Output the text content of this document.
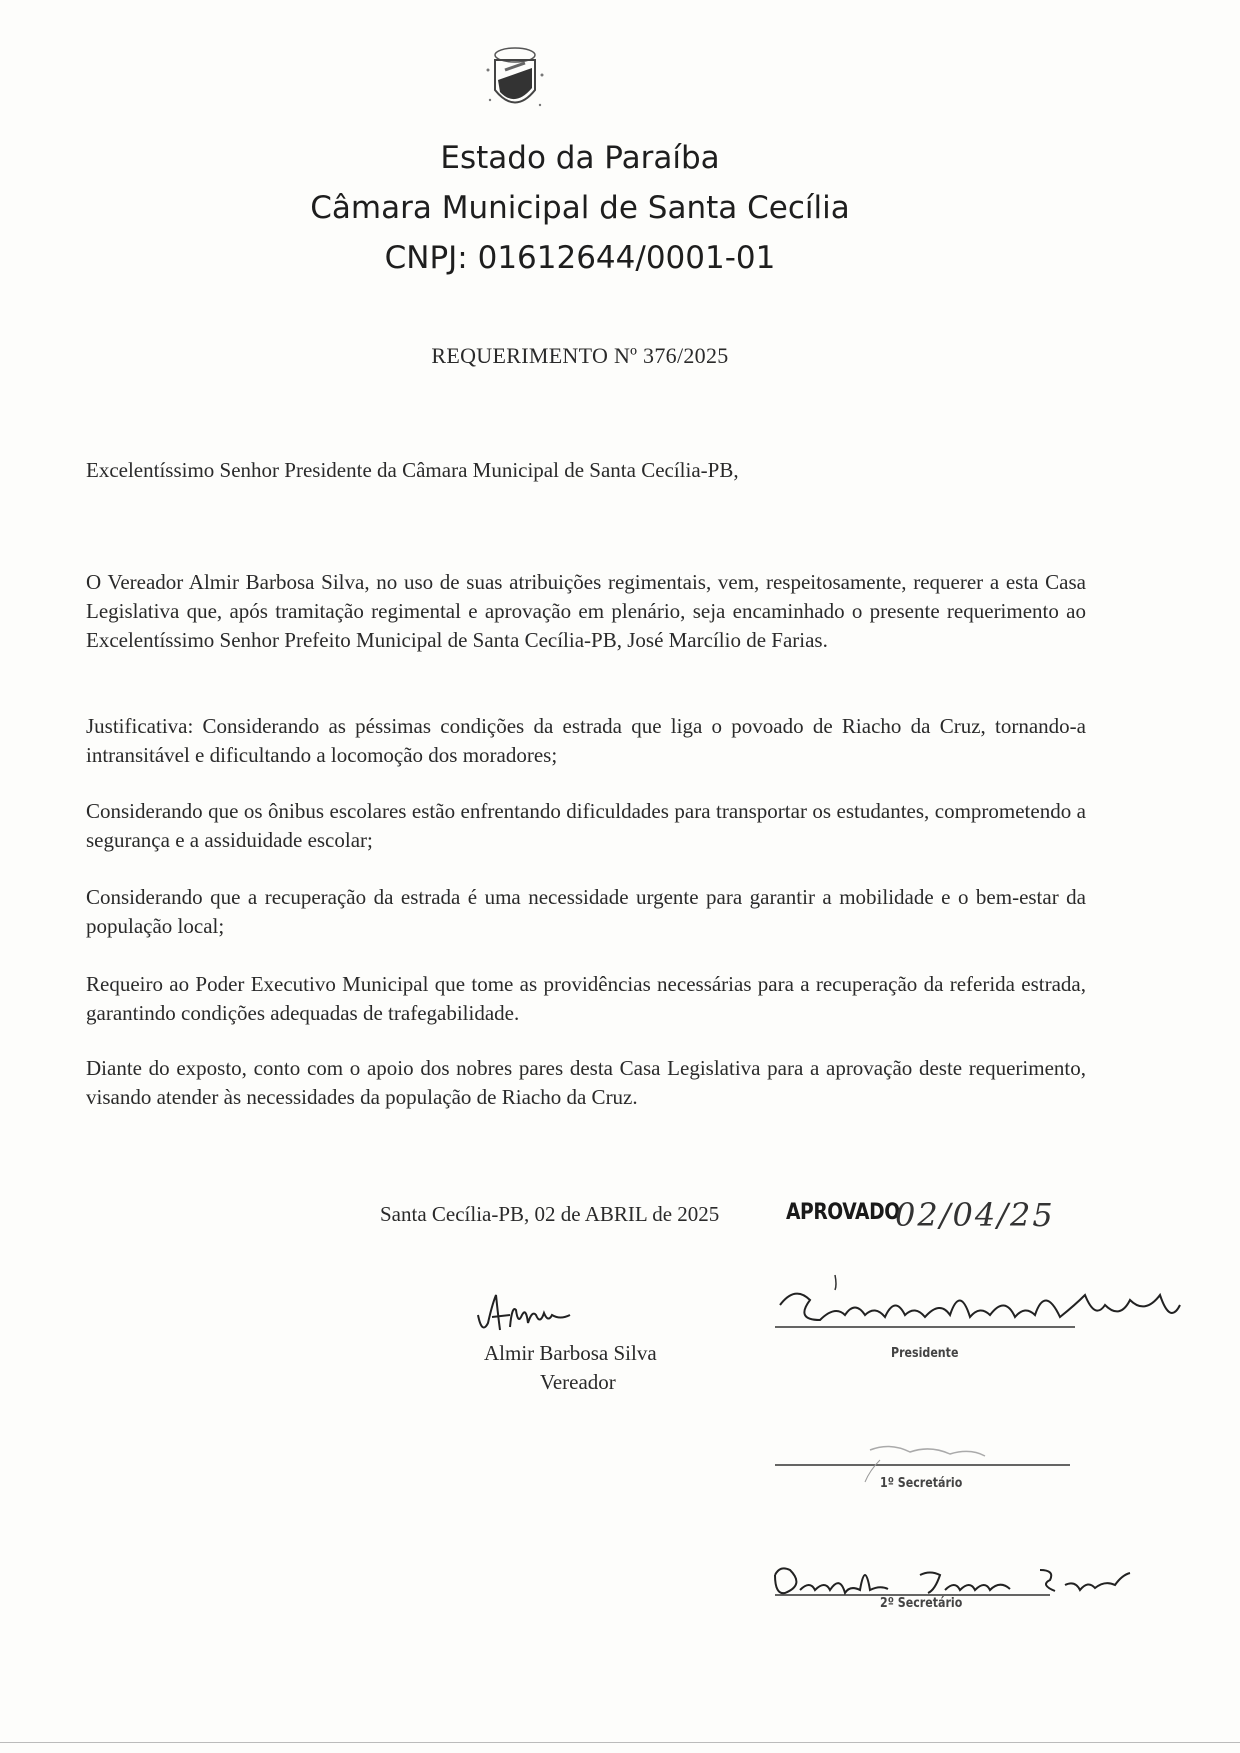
Estado da Paraíba
Câmara Municipal de Santa Cecília
CNPJ: 01612644/0001-01
REQUERIMENTO Nº 376/2025
Excelentíssimo Senhor Presidente da Câmara Municipal de Santa Cecília-PB,
O Vereador Almir Barbosa Silva, no uso de suas atribuições regimentais, vem, respeitosamente, requerer a esta Casa Legislativa que, após tramitação regimental e aprovação em plenário, seja encaminhado o presente requerimento ao Excelentíssimo Senhor Prefeito Municipal de Santa Cecília-PB, José Marcílio de Farias.
Justificativa: Considerando as péssimas condições da estrada que liga o povoado de Riacho da Cruz, tornando-a intransitável e dificultando a locomoção dos moradores;
Considerando que os ônibus escolares estão enfrentando dificuldades para transportar os estudantes, comprometendo a segurança e a assiduidade escolar;
Considerando que a recuperação da estrada é uma necessidade urgente para garantir a mobilidade e o bem-estar da população local;
Requeiro ao Poder Executivo Municipal que tome as providências necessárias para a recuperação da referida estrada, garantindo condições adequadas de trafegabilidade.
Diante do exposto, conto com o apoio dos nobres pares desta Casa Legislativa para a aprovação deste requerimento, visando atender às necessidades da população de Riacho da Cruz.
Santa Cecília-PB, 02 de ABRIL de 2025	APROVADO
02/04/25
Almir Barbosa Silva
Vereador
Presidente
1º Secretário
2º Secretário
